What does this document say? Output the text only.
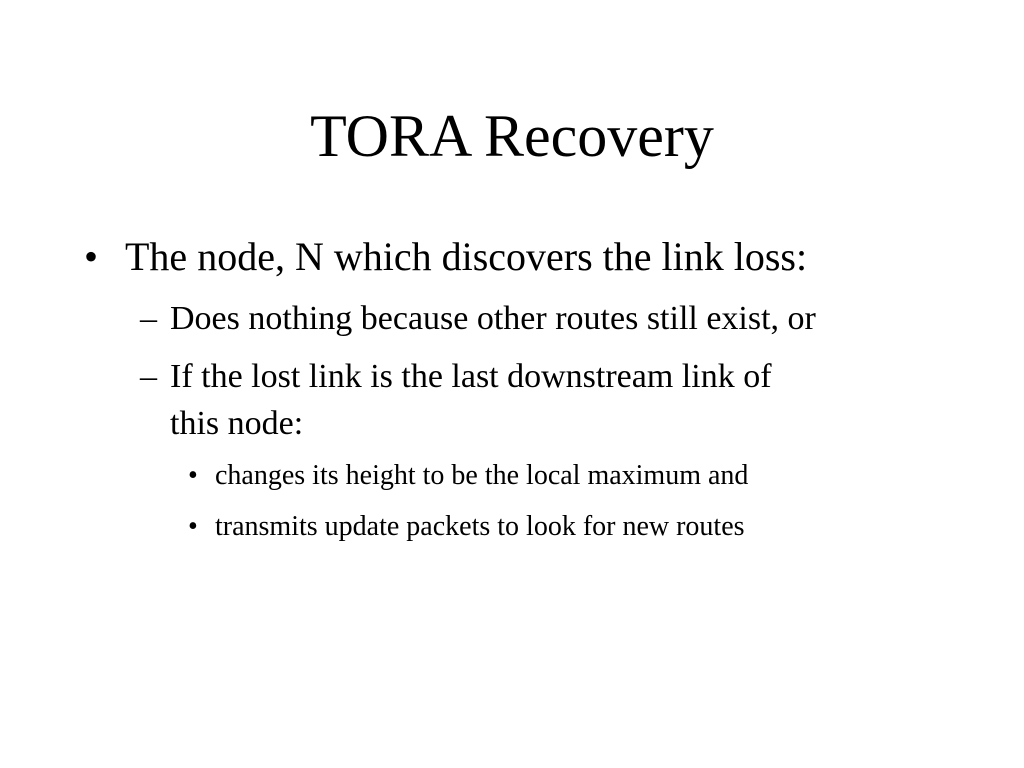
TORA Recovery
• The node, N which discovers the link loss:
– Does nothing because other routes still exist, or
– If the lost link is the last downstream link of
this node:
• changes its height to be the local maximum and
• transmits update packets to look for new routes
